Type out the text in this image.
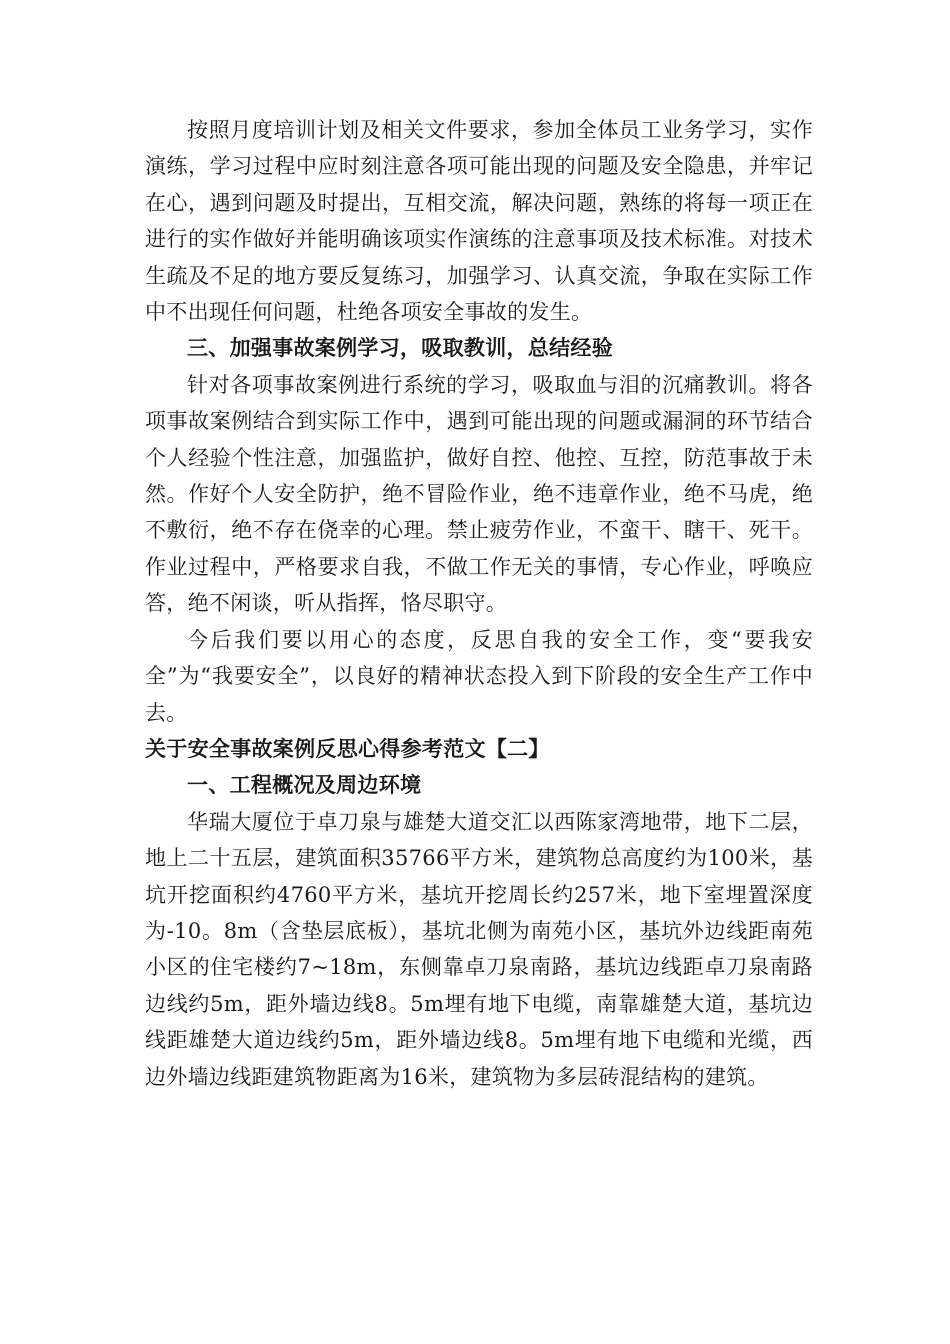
按照月度培训计划及相关文件要求，参加全体员工业务学习，实作演练，学习过程中应时刻注意各项可能出现的问题及安全隐患，并牢记在心，遇到问题及时提出，互相交流，解决问题，熟练的将每一项正在进行的实作做好并能明确该项实作演练的注意事项及技术标准。对技术生疏及不足的地方要反复练习，加强学习、认真交流，争取在实际工作中不出现任何问题，杜绝各项安全事故的发生。

三、加强事故案例学习，吸取教训，总结经验

针对各项事故案例进行系统的学习，吸取血与泪的沉痛教训。将各项事故案例结合到实际工作中，遇到可能出现的问题或漏洞的环节结合个人经验个性注意，加强监护，做好自控、他控、互控，防范事故于未然。作好个人安全防护，绝不冒险作业，绝不违章作业，绝不马虎，绝不敷衍，绝不存在侥幸的心理。禁止疲劳作业，不蛮干、瞎干、死干。作业过程中，严格要求自我，不做工作无关的事情，专心作业，呼唤应答，绝不闲谈，听从指挥，恪尽职守。

今后我们要以用心的态度，反思自我的安全工作，变“要我安全”为“我要安全”，以良好的精神状态投入到下阶段的安全生产工作中去。

关于安全事故案例反思心得参考范文【二】

一、工程概况及周边环境

华瑞大厦位于卓刀泉与雄楚大道交汇以西陈家湾地带，地下二层，地上二十五层，建筑面积35766平方米，建筑物总高度约为100米，基坑开挖面积约4760平方米，基坑开挖周长约257米，地下室埋置深度为-10。8m（含垫层底板），基坑北侧为南苑小区，基坑外边线距南苑小区的住宅楼约7~18m，东侧靠卓刀泉南路，基坑边线距卓刀泉南路边线约5m，距外墙边线8。5m埋有地下电缆，南靠雄楚大道，基坑边线距雄楚大道边线约5m，距外墙边线8。5m埋有地下电缆和光缆，西边外墙边线距建筑物距离为16米，建筑物为多层砖混结构的建筑。
